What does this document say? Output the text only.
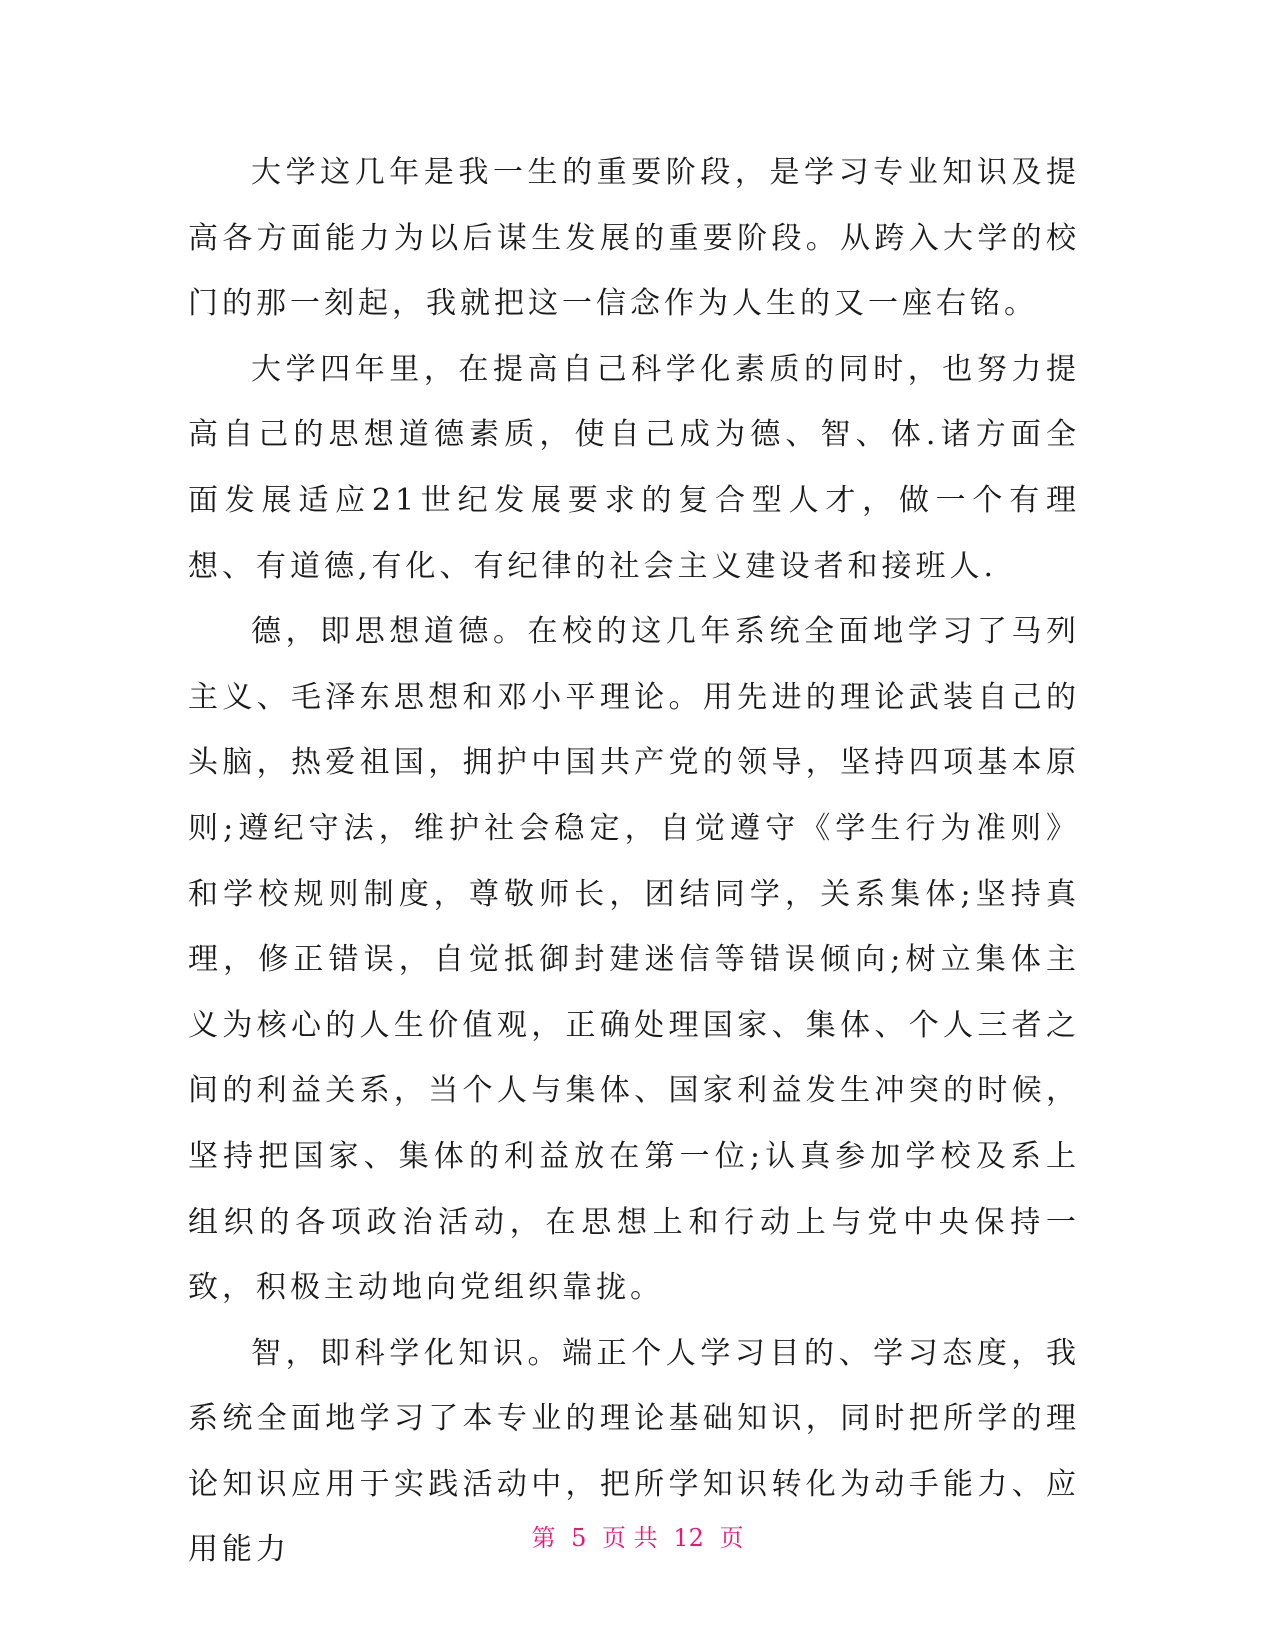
大学这几年是我一生的重要阶段，是学习专业知识及提高各方面能力为以后谋生发展的重要阶段。从跨入大学的校门的那一刻起，我就把这一信念作为人生的又一座右铭。

大学四年里，在提高自己科学化素质的同时，也努力提高自己的思想道德素质，使自己成为德、智、体.诸方面全面发展适应21世纪发展要求的复合型人才，做一个有理想、有道德,有化、有纪律的社会主义建设者和接班人.

德，即思想道德。在校的这几年系统全面地学习了马列主义、毛泽东思想和邓小平理论。用先进的理论武装自己的头脑，热爱祖国，拥护中国共产党的领导，坚持四项基本原则;遵纪守法，维护社会稳定，自觉遵守《学生行为准则》和学校规则制度，尊敬师长，团结同学，关系集体;坚持真理，修正错误，自觉抵御封建迷信等错误倾向;树立集体主义为核心的人生价值观，正确处理国家、集体、个人三者之间的利益关系，当个人与集体、国家利益发生冲突的时候，坚持把国家、集体的利益放在第一位;认真参加学校及系上组织的各项政治活动，在思想上和行动上与党中央保持一致，积极主动地向党组织靠拢。

智，即科学化知识。端正个人学习目的、学习态度，我系统全面地学习了本专业的理论基础知识，同时把所学的理论知识应用于实践活动中，把所学知识转化为动手能力、应用能力	第 5 页 共 12 页
